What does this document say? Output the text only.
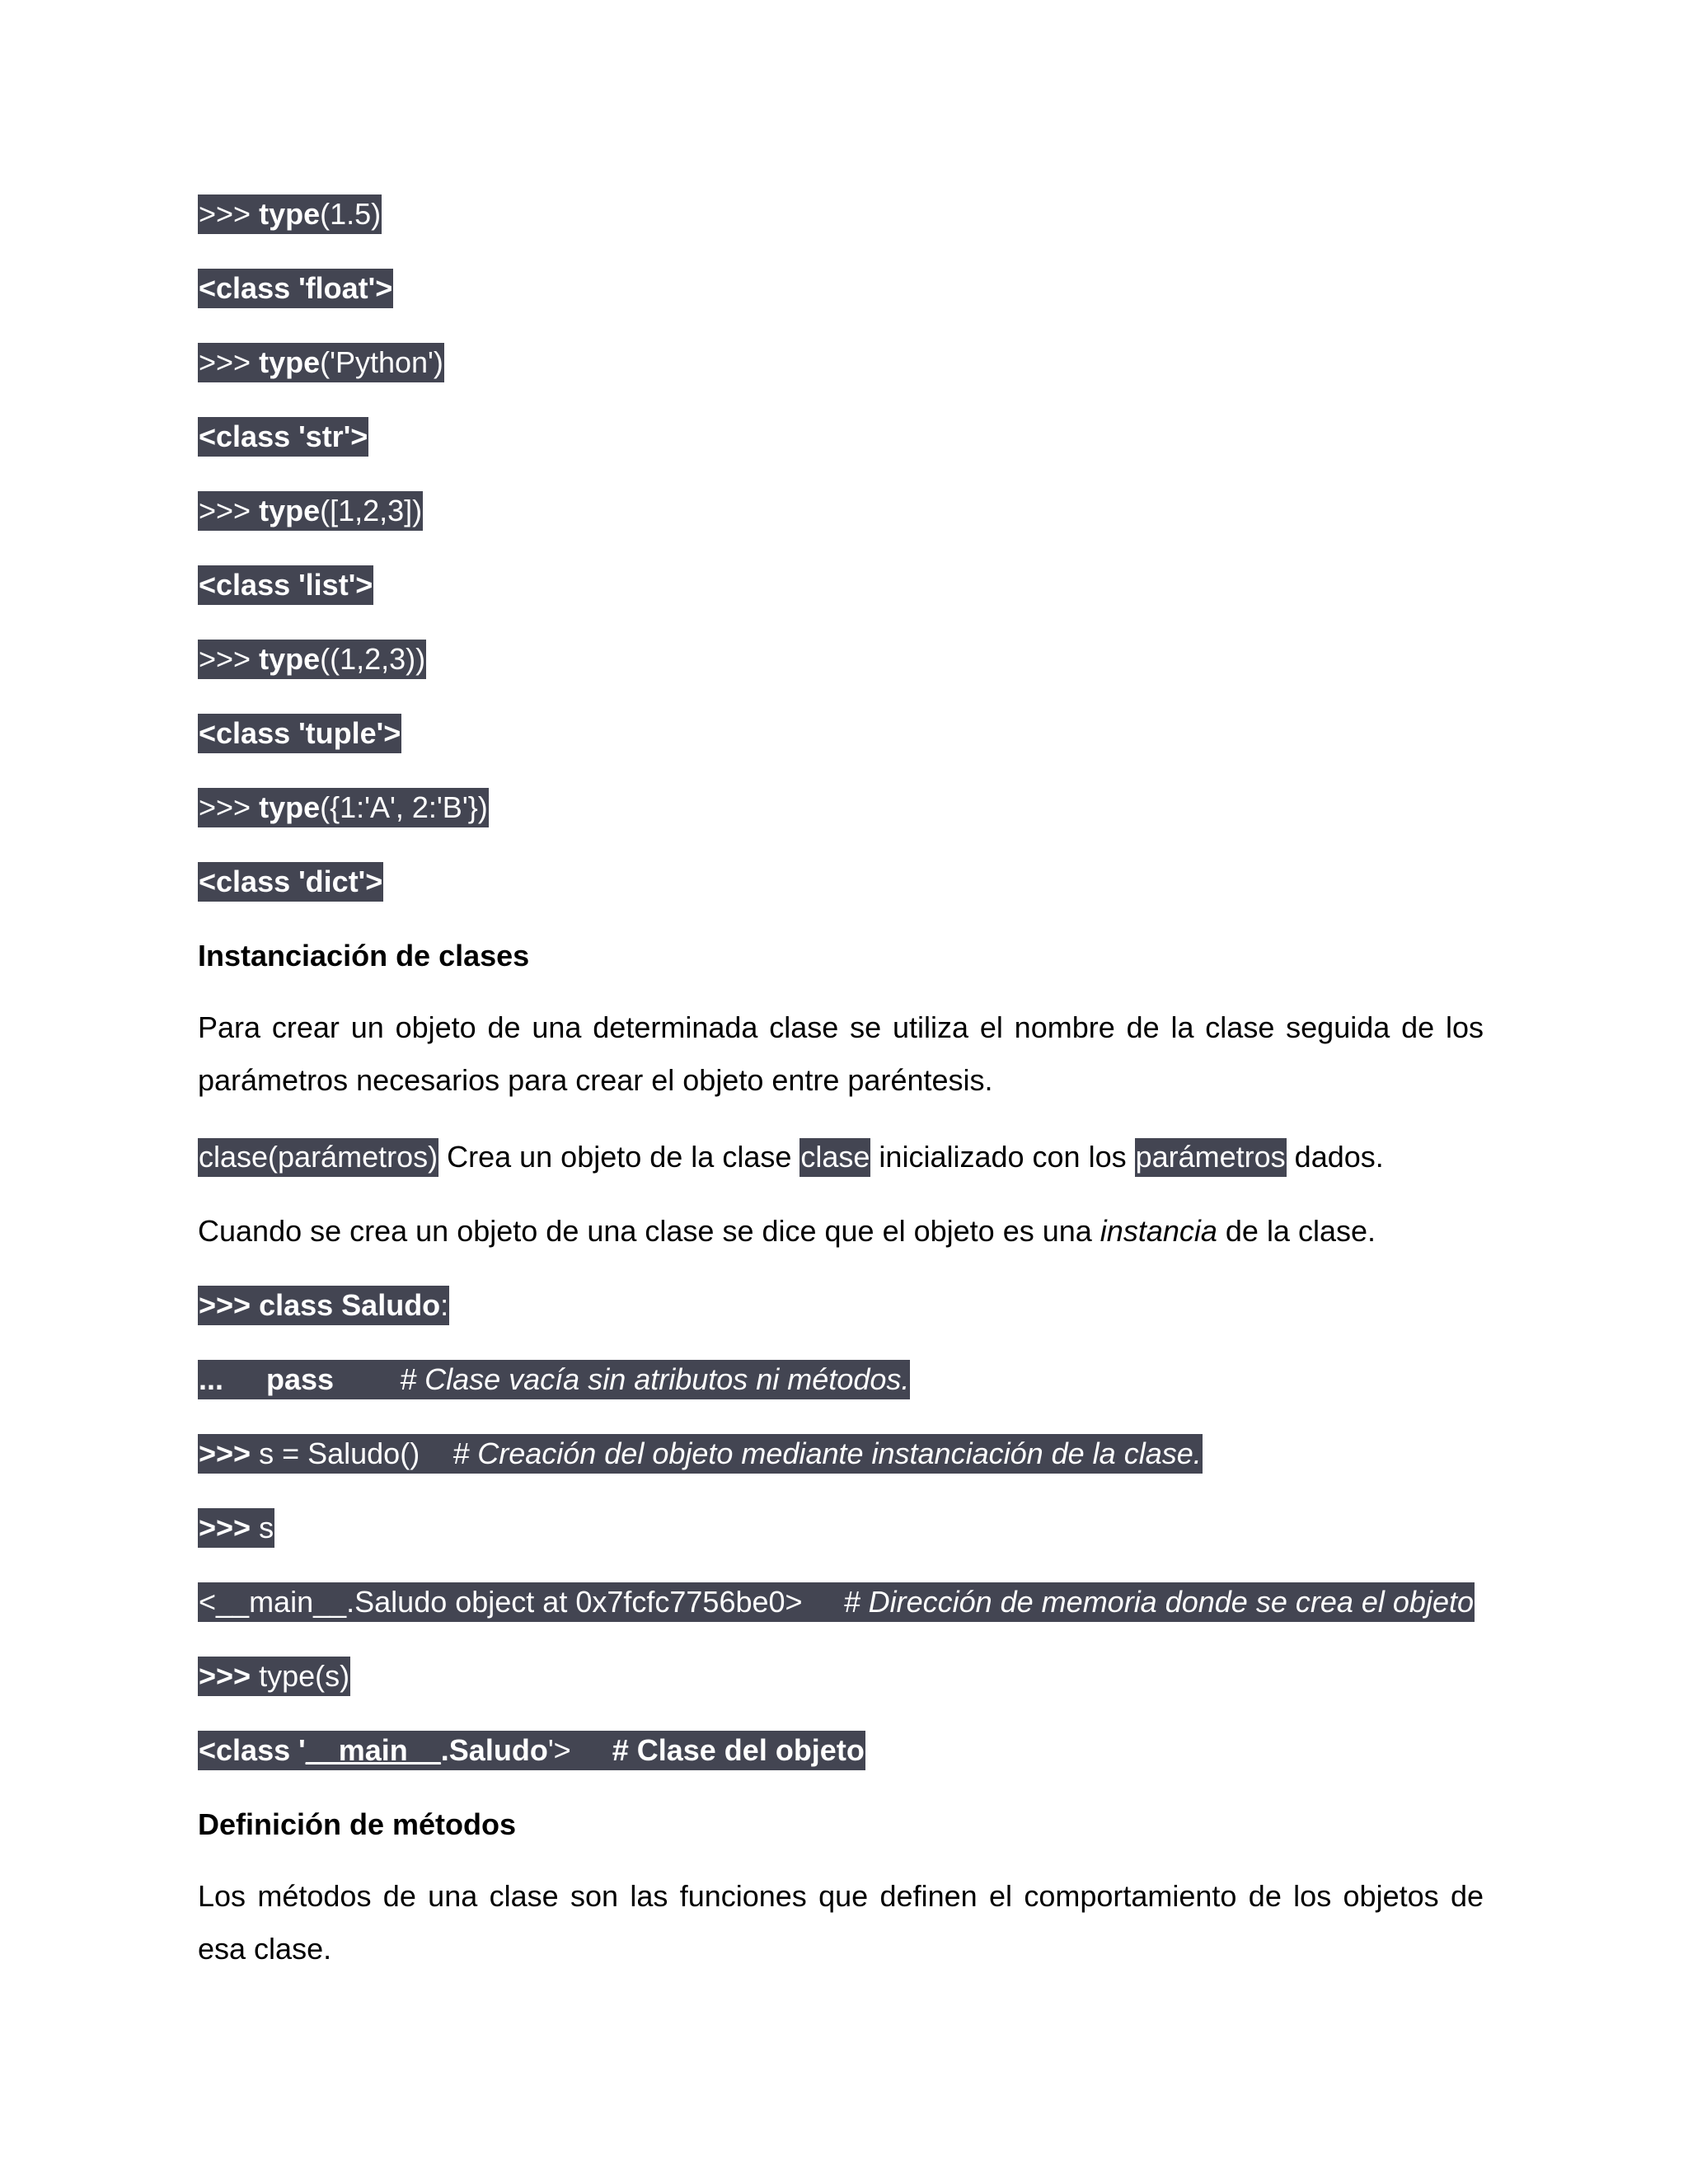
>>> type(1.5)
<class 'float'>
>>> type('Python')
<class 'str'>
>>> type([1,2,3])
<class 'list'>
>>> type((1,2,3))
<class 'tuple'>
>>> type({1:'A', 2:'B'})
<class 'dict'>
Instanciación de clases
Para crear un objeto de una determinada clase se utiliza el nombre de la clase seguida de los parámetros necesarios para crear el objeto entre paréntesis.
clase(parámetros) Crea un objeto de la clase clase inicializado con los parámetros dados.
Cuando se crea un objeto de una clase se dice que el objeto es una instancia de la clase.
>>> class Saludo:
... pass # Clase vacía sin atributos ni métodos.
>>> s = Saludo() # Creación del objeto mediante instanciación de la clase.
>>> s
<__main__.Saludo object at 0x7fcfc7756be0> # Dirección de memoria donde se crea el objeto
>>> type(s)
<class '__main__.Saludo'> # Clase del objeto
Definición de métodos
Los métodos de una clase son las funciones que definen el comportamiento de los objetos de esa clase.
